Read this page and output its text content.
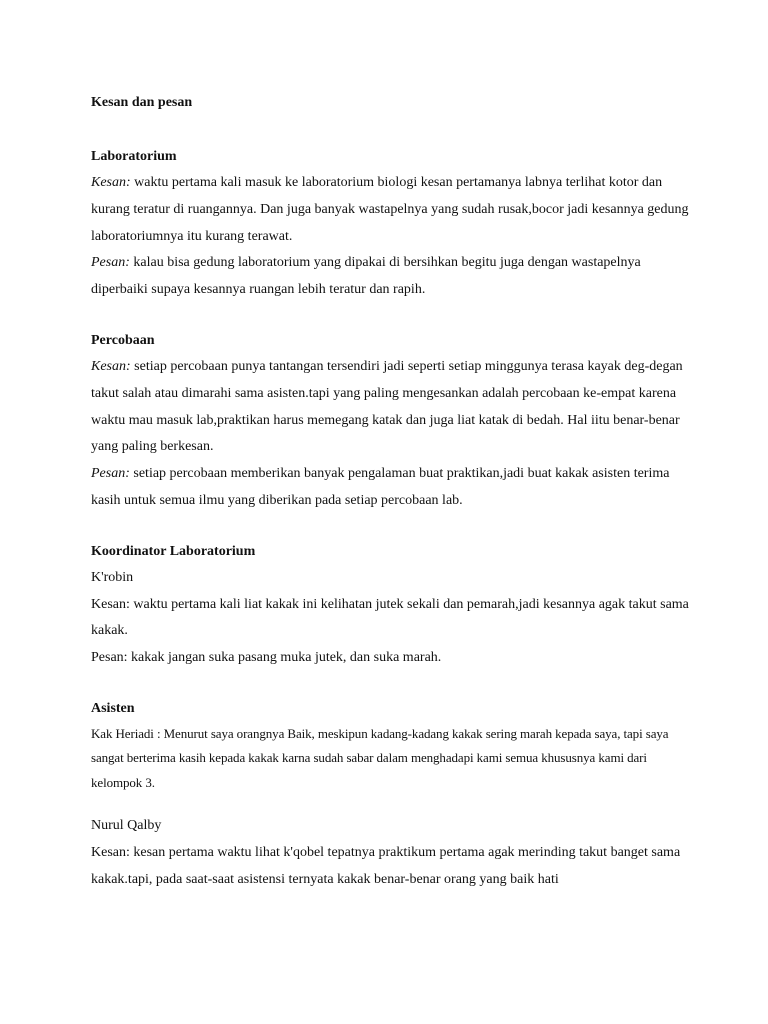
Kesan dan pesan

Laboratorium

Kesan: waktu pertama kali masuk ke laboratorium biologi kesan pertamanya labnya terlihat kotor dan kurang teratur di ruangannya. Dan juga banyak wastapelnya yang sudah rusak,bocor jadi kesannya gedung laboratoriumnya itu kurang terawat.

Pesan: kalau bisa gedung laboratorium yang dipakai di bersihkan begitu juga dengan wastapelnya diperbaiki supaya kesannya ruangan lebih teratur dan rapih.

Percobaan

Kesan: setiap percobaan punya tantangan tersendiri jadi seperti setiap minggunya terasa kayak deg-degan takut salah atau dimarahi sama asisten.tapi yang paling mengesankan adalah percobaan ke-empat karena waktu mau masuk lab,praktikan harus memegang katak dan juga liat katak di bedah. Hal iitu benar-benar yang paling berkesan.

Pesan: setiap percobaan memberikan banyak pengalaman buat praktikan,jadi buat kakak asisten terima kasih untuk semua ilmu yang diberikan pada setiap percobaan lab.

Koordinator Laboratorium

K'robin

Kesan: waktu pertama kali liat kakak ini kelihatan jutek sekali dan pemarah,jadi kesannya agak takut sama kakak.

Pesan: kakak jangan suka pasang muka jutek, dan suka marah.

Asisten

Kak Heriadi : Menurut saya orangnya Baik, meskipun kadang-kadang kakak sering marah kepada saya, tapi saya sangat berterima kasih kepada kakak karna sudah sabar dalam menghadapi kami semua khususnya kami dari kelompok 3.

Nurul Qalby

Kesan: kesan pertama waktu lihat k'qobel tepatnya praktikum pertama agak merinding takut banget sama kakak.tapi, pada saat-saat asistensi ternyata kakak benar-benar orang yang baik hati
